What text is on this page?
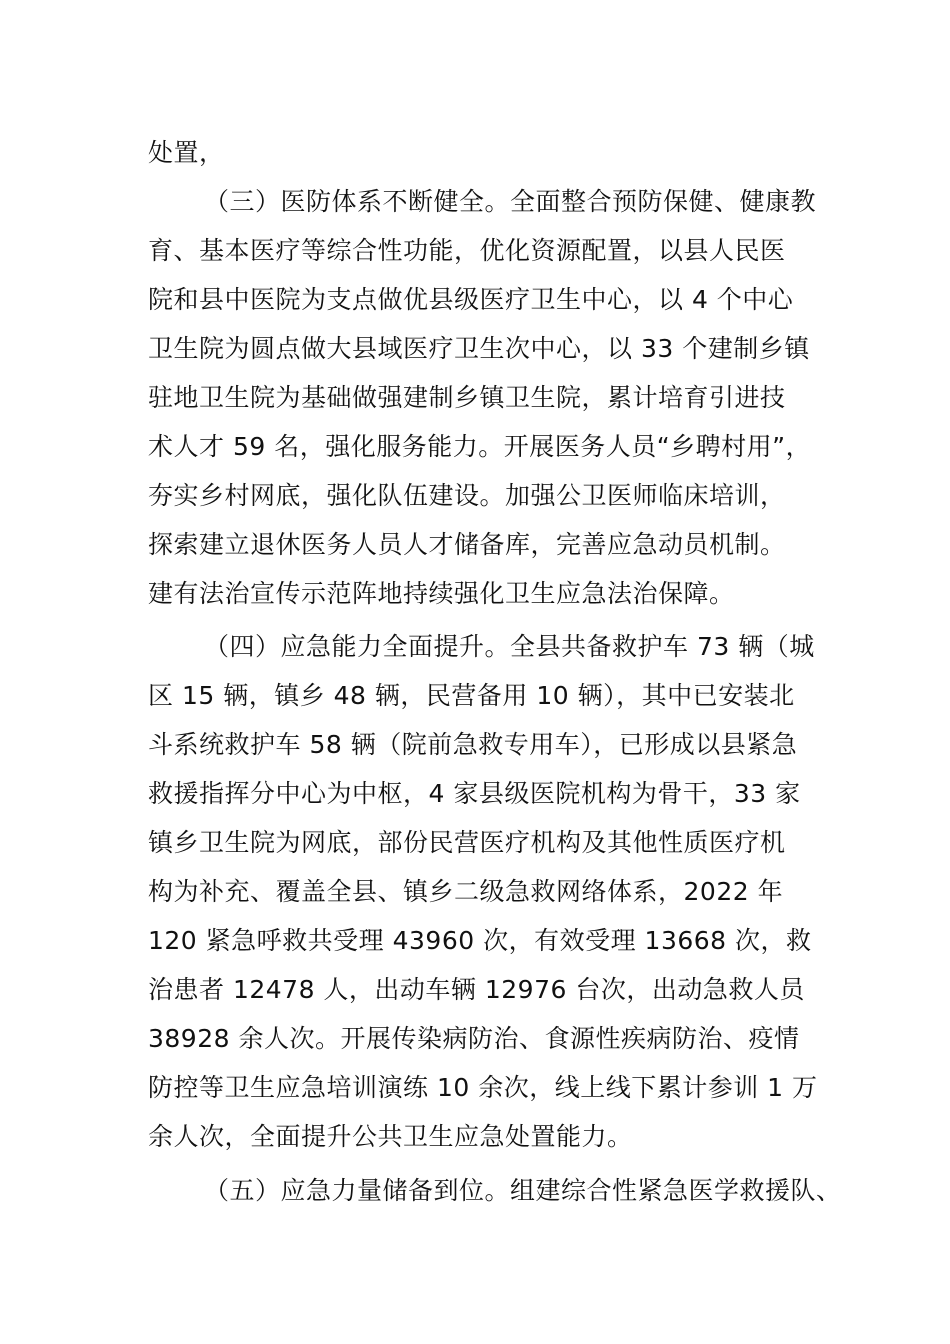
处置，
（三）医防体系不断健全。全面整合预防保健、健康教
育、基本医疗等综合性功能，优化资源配置，以县人民医
院和县中医院为支点做优县级医疗卫生中心，以 4 个中心
卫生院为圆点做大县域医疗卫生次中心，以 33 个建制乡镇
驻地卫生院为基础做强建制乡镇卫生院，累计培育引进技
术人才 59 名，强化服务能力。开展医务人员“乡聘村用”，
夯实乡村网底，强化队伍建设。加强公卫医师临床培训，
探索建立退休医务人员人才储备库，完善应急动员机制。
建有法治宣传示范阵地持续强化卫生应急法治保障。
（四）应急能力全面提升。全县共备救护车 73 辆（城
区 15 辆，镇乡 48 辆，民营备用 10 辆），其中已安装北
斗系统救护车 58 辆（院前急救专用车），已形成以县紧急
救援指挥分中心为中枢，4 家县级医院机构为骨干，33 家
镇乡卫生院为网底，部份民营医疗机构及其他性质医疗机
构为补充、覆盖全县、镇乡二级急救网络体系，2022 年
120 紧急呼救共受理 43960 次，有效受理 13668 次，救
治患者 12478 人，出动车辆 12976 台次，出动急救人员
38928 余人次。开展传染病防治、食源性疾病防治、疫情
防控等卫生应急培训演练 10 余次，线上线下累计参训 1 万
余人次，全面提升公共卫生应急处置能力。
（五）应急力量储备到位。组建综合性紧急医学救援队、
